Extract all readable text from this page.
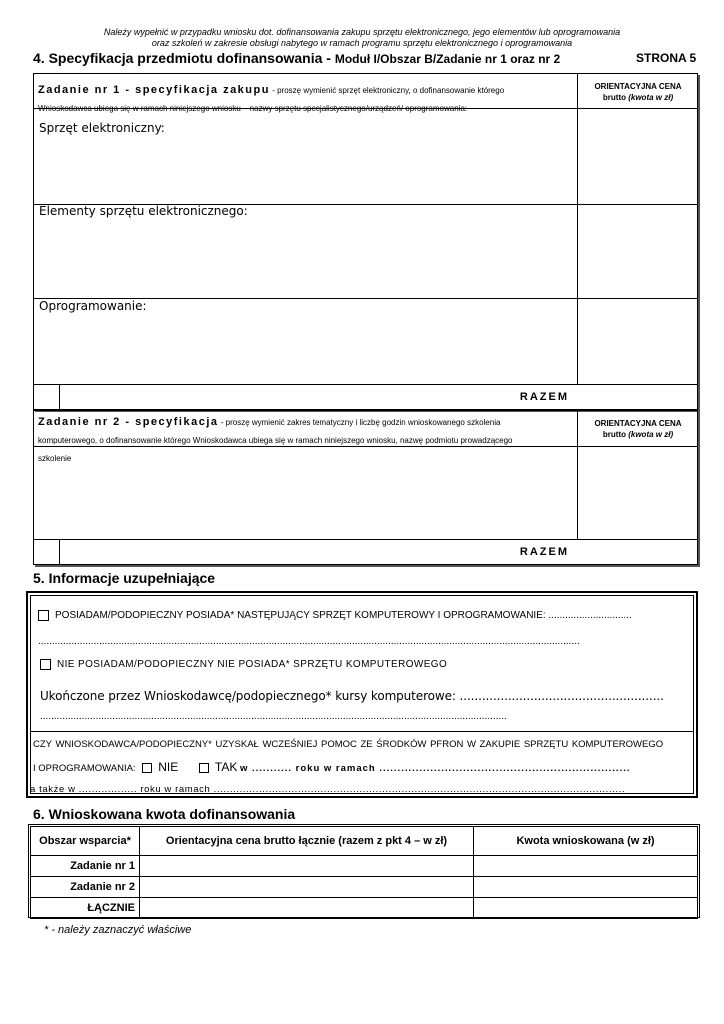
Należy wypełnić w przypadku wniosku dot. dofinansowania zakupu sprzętu elektronicznego, jego elementów lub oprogramowania
oraz szkoleń w zakresie obsługi nabytego w ramach programu sprzętu elektronicznego i oprogramowania
4. Specyfikacja przedmiotu dofinansowania - Moduł I/Obszar B/Zadanie nr 1 oraz nr 2	STRONA 5
Zadanie nr 1 - specyfikacja zakupu - proszę wymienić sprzęt elektroniczny, o dofinansowanie którego
Wnioskodawca ubiega się w ramach niniejszego wniosku – nazwy sprzętu specjalistycznego/urządzeń/ oprogramowania:
ORIENTACYJNA CENA
brutto (kwota w zł)
Sprzęt elektroniczny:
Elementy sprzętu elektronicznego:
Oprogramowanie:
RAZEM
Zadanie nr 2 - specyfikacja - proszę wymienić zakres tematyczny i liczbę godzin wnioskowanego szkolenia
komputerowego, o dofinansowanie którego Wnioskodawca ubiega się w ramach niniejszego wniosku, nazwę podmiotu prowadzącego
szkolenie
ORIENTACYJNA CENA
brutto (kwota w zł)
RAZEM
5. Informacje uzupełniające
POSIADAM/PODOPIECZNY POSIADA* NASTĘPUJĄCY SPRZĘT KOMPUTEROWY I OPROGRAMOWANIE: ..............................
...................................................................................................................................................................................................
NIE POSIADAM/PODOPIECZNY NIE POSIADA* SPRZĘTU KOMPUTEROWEGO
Ukończone przez Wnioskodawcę/podopiecznego* kursy komputerowe: .......................................................
........................................................................................................................................................................
CZY WNIOSKODAWCA/PODOPIECZNY* UZYSKAŁ WCZEŚNIEJ POMOC ZE ŚRODKÓW PFRON W ZAKUPIE SPRZĘTU KOMPUTEROWEGO
I OPROGRAMOWANIA: NIE	TAK w ........... roku w ramach .....................................................................
a także w .................. roku w ramach ...............................................................................................................................
6. Wnioskowana kwota dofinansowania
Obszar wsparcia*	Orientacyjna cena brutto łącznie (razem z pkt 4 – w zł)	Kwota wnioskowana (w zł)
Zadanie nr 1		
Zadanie nr 2		
ŁĄCZNIE		
* - należy zaznaczyć właściwe
